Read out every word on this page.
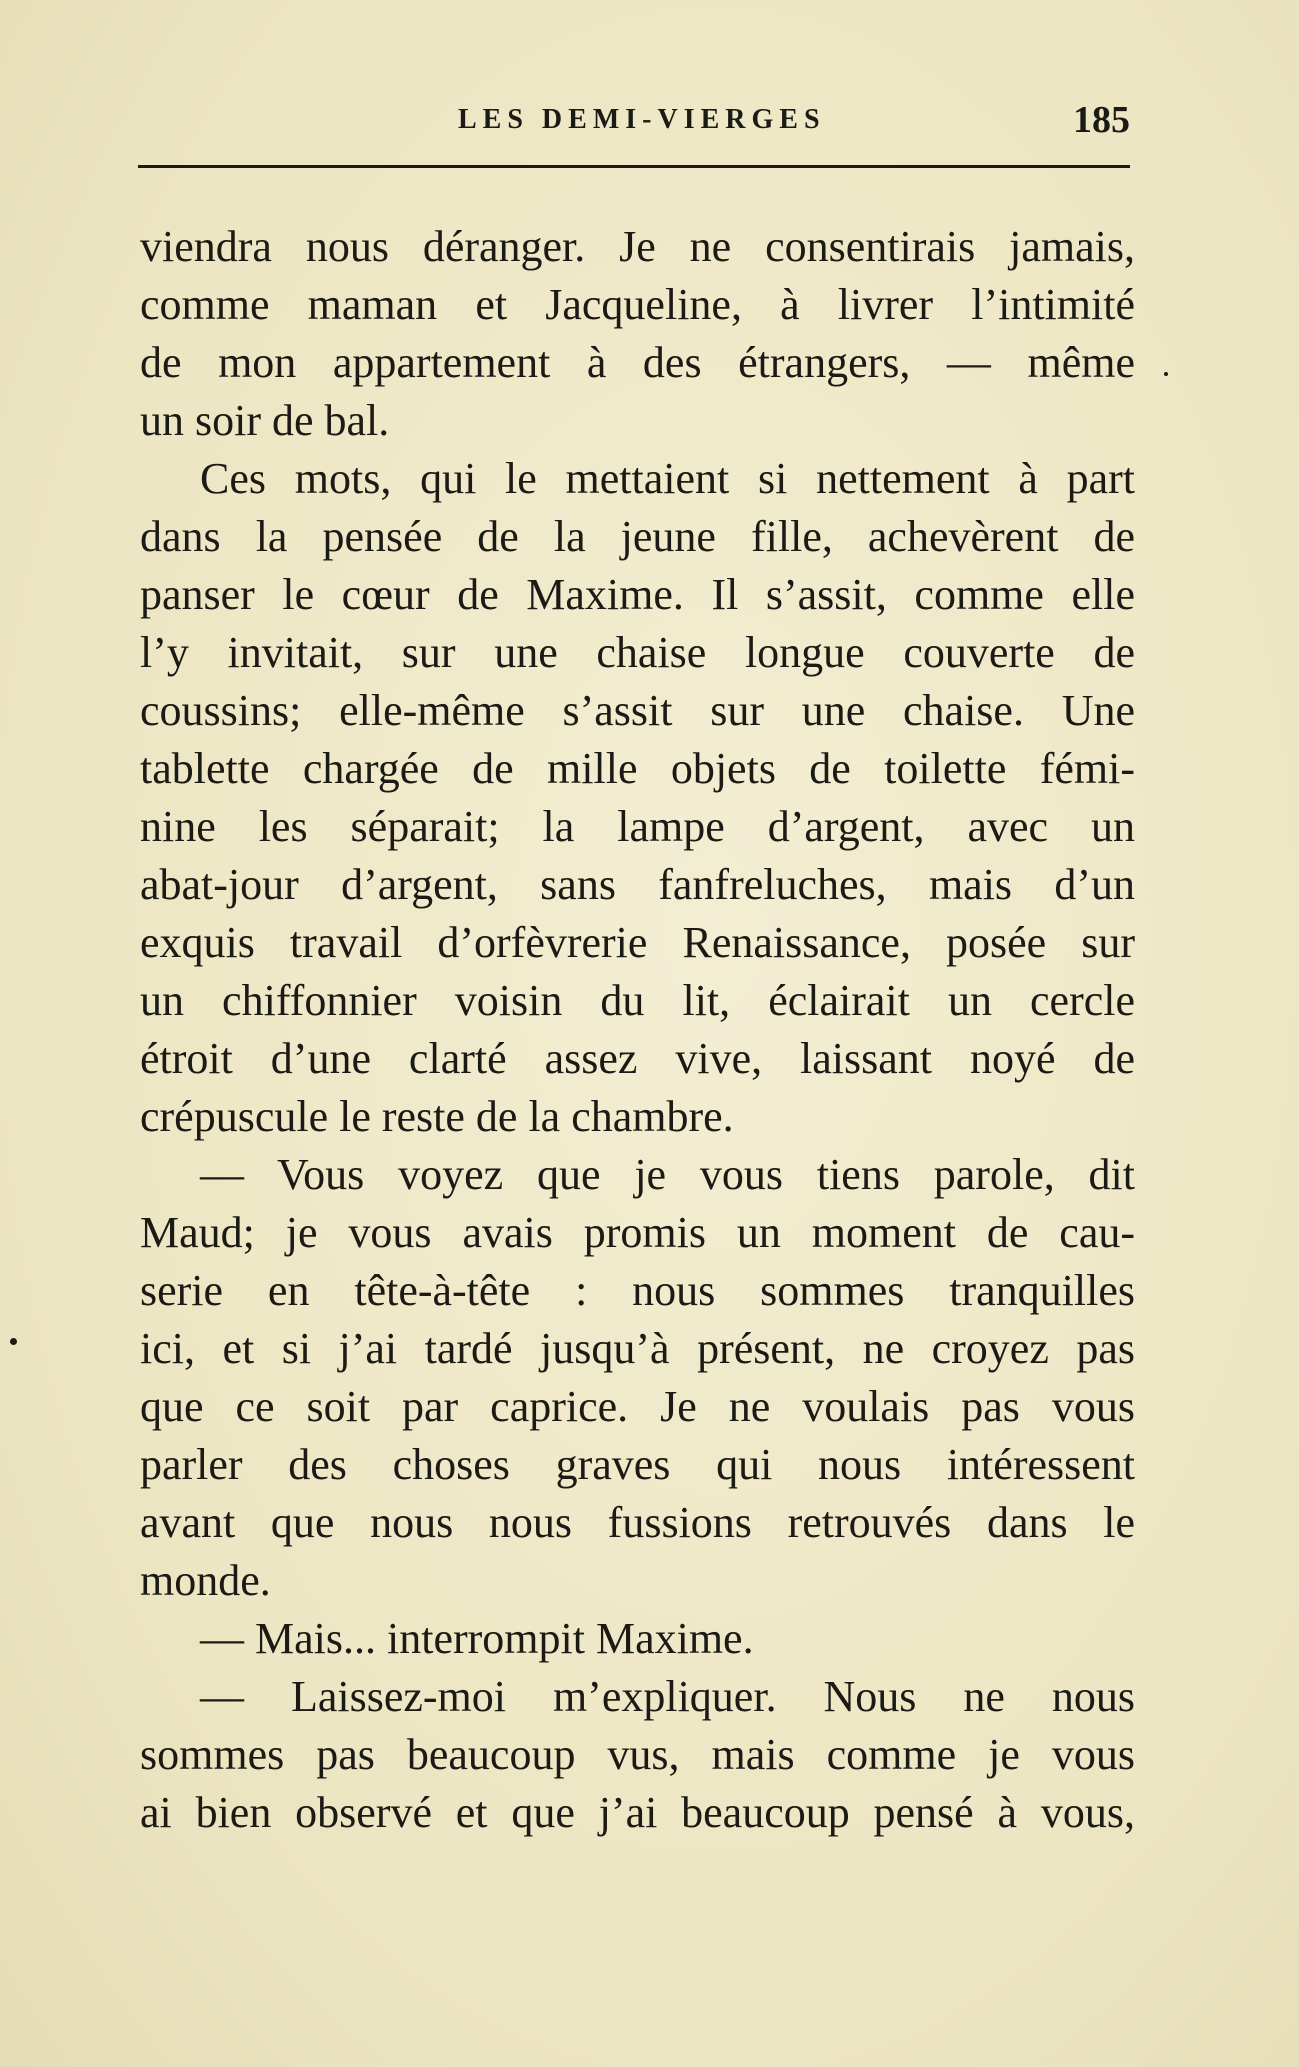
LES DEMI-VIERGES	185
viendra nous déranger. Je ne consentirais jamais,
comme maman et Jacqueline, à livrer l’intimité
de mon appartement à des étrangers, — même
un soir de bal.
Ces mots, qui le mettaient si nettement à part
dans la pensée de la jeune fille, achevèrent de
panser le cœur de Maxime. Il s’assit, comme elle
l’y invitait, sur une chaise longue couverte de
coussins; elle-même s’assit sur une chaise. Une
tablette chargée de mille objets de toilette fémi-
nine les séparait; la lampe d’argent, avec un
abat-jour d’argent, sans fanfreluches, mais d’un
exquis travail d’orfèvrerie Renaissance, posée sur
un chiffonnier voisin du lit, éclairait un cercle
étroit d’une clarté assez vive, laissant noyé de
crépuscule le reste de la chambre.
— Vous voyez que je vous tiens parole, dit
Maud; je vous avais promis un moment de cau-
serie en tête-à-tête : nous sommes tranquilles
ici, et si j’ai tardé jusqu’à présent, ne croyez pas
que ce soit par caprice. Je ne voulais pas vous
parler des choses graves qui nous intéressent
avant que nous nous fussions retrouvés dans le
monde.
— Mais... interrompit Maxime.
— Laissez-moi m’expliquer. Nous ne nous
sommes pas beaucoup vus, mais comme je vous
ai bien observé et que j’ai beaucoup pensé à vous,
